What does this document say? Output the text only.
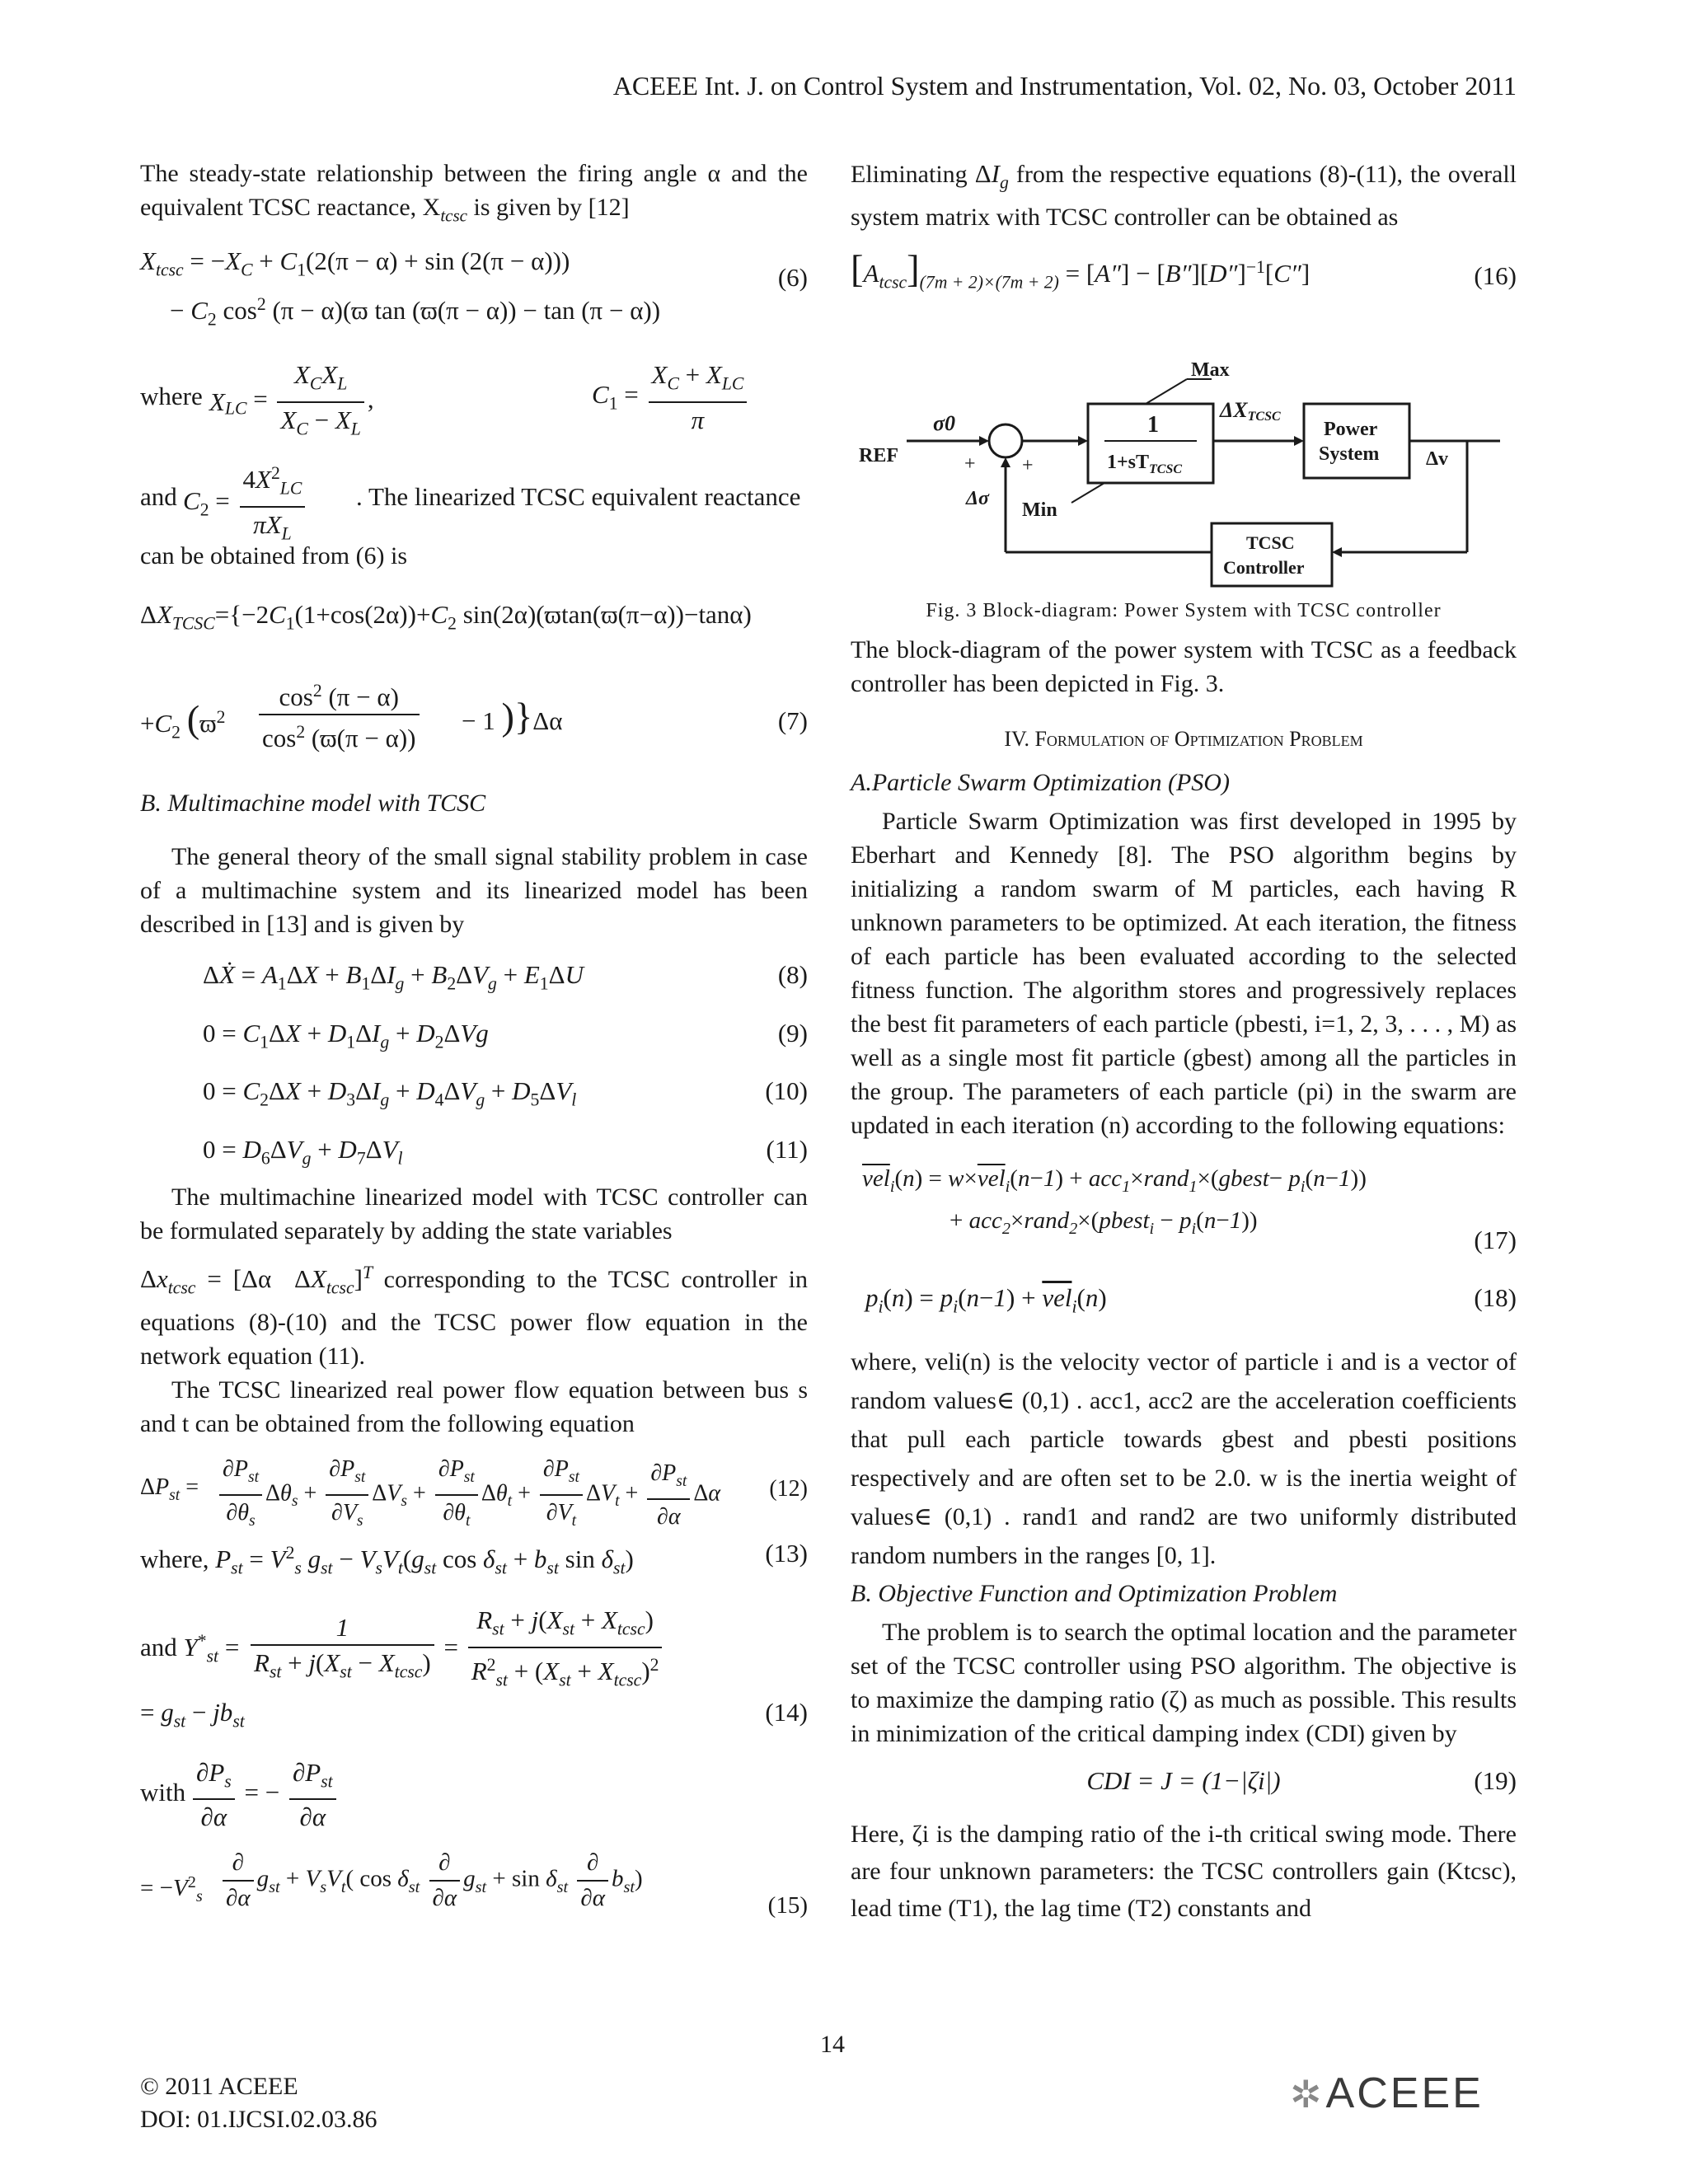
ACEEE Int. J. on Control System and Instrumentation, Vol. 02, No. 03, October 2011

The steady-state relationship between the firing angle α and the equivalent TCSC reactance, $X_{tcsc}$ is given by [12]

$X_{tcsc} = -X_C + C_1(2(\pi - \alpha) + \sin (2(\pi - \alpha)))$
− $C_2$ $\cos^2 (\pi - \alpha)(ϖ$ tan (ϖ(π − α)) − tan (π − α))
(6)
where $X_{LC} = \frac{X_CX_L}{X_C - X_L}$ ,	$C_1 = \frac{X_C + X_{LC}}{\pi}$
and $C_2 = \frac{4X^2_{LC}}{\pi X_L}$ . The linearized TCSC equivalent reactance

can be obtained from (6) is

$\Delta X_{TCSC}=\{-2C_1(1+\cos(2\alpha))+C_2$ sin(2α)(ϖtan(ϖ(π−α))−tanα)
$+C_2$ ($ϖ^2 \frac{\cos^2 (\pi - \alpha)}{\cos^2 (ϖ(\pi - \alpha))} - 1$ )}Δα	(7)

B. Multimachine model with TCSC

The general theory of the small signal stability problem in case of a multimachine system and its linearized model has been described in [13] and is given by

ΔẊ = $A_1\Delta X + B_1\Delta I_g + B_2\Delta V_g + E_1\Delta U$	(8)
$0 = C_1\Delta X + D_1\Delta I_g + D_2\Delta Vg$	(9)
$0 = C_2\Delta X + D_3\Delta I_g + D_4\Delta V_g + D_5\Delta V_l$	(10)
$0 = D_6\Delta V_g + D_7\Delta V_l$	(11)

The multimachine linearized model with TCSC controller can be formulated separately by adding the state variables

$\Delta x_{tcsc} = [\Delta\alpha$  $\Delta X_{tcsc}]^T$ corresponding to the TCSC controller in equations (8)-(10) and the TCSC power flow equation in the network equation (11).

The TCSC linearized real power flow equation between bus s and t can be obtained from the following equation

$\Delta P_{st} = \frac{\partial P_{st}}{\partial\theta_s} \Delta\theta_s + \frac{\partial P_{st}}{\partial V_s} \Delta V_s + \frac{\partial P_{st}}{\partial\theta_t} \Delta\theta_t + \frac{\partial P_{st}}{\partial V_t} \Delta V_t + \frac{\partial P_{st}}{\partial\alpha}$ Δα (12)
where, $P_{st} = V^2_s$ $g_{st} - V_sV_t(g_{st}$ $\cos \delta_{st} + b_{st}$ $\sin \delta_{st}$)	(13)
and $Y^*_{st} = \frac{1}{R_{st} + j(X_{st} - X_{tcsc})} = \frac{R_{st} + j(X_{st} + X_{tcsc})}{R^2_{st} + (X_{st} + X_{tcsc})^2}$
= $g_{st} - jb_{st}$	(14)
with $\frac{\partial P_s}{\partial\alpha}$ = − $\frac{\partial P_{st}}{\partial\alpha}$
= $-V^2_s \frac{\partial}{\partial\alpha} g_{st} + V_sV_t$( $\cos \delta_{st} \frac{\partial}{\partial\alpha} g_{st} + \sin \delta_{st} \frac{\partial}{\partial\alpha} b_{st}$)
(15)

Eliminating $\Delta I_g$ from the respective equations (8)-(11), the overall system matrix with TCSC controller can be obtained as

$[A_{tcsc}]_{(7m + 2)\times(7m + 2)} = [A''] - [B''][D'']^{-1}[C'']$	(16)
REF
σ0
+ +
Δσ
1
$1+sT_{TCSC}$
Max
Min
ΔXTCSC
Power
System Δv
TCSC
Controller
Fig. 3 Block-diagram: Power System with TCSC controller

The block-diagram of the power system with TCSC as a feedback controller has been depicted in Fig. 3.

IV. Formulation of Optimization Problem

A.Particle Swarm Optimization (PSO)

Particle Swarm Optimization was first developed in 1995 by Eberhart and Kennedy [8]. The PSO algorithm begins by initializing a random swarm of M particles, each having R unknown parameters to be optimized. At each iteration, the fitness of each particle has been evaluated according to the selected fitness function. The algorithm stores and progressively replaces the best fit parameters of each particle (pbesti, i=1, 2, 3, . . . , M) as well as a single most fit particle (gbest) among all the particles in the group. The parameters of each particle (pi) in the swarm are updated in each iteration (n) according to the following equations:

$\overline{vel}_i(n) = w\times\overline{vel}_i(n-1)$ + acc$_1$×rand$_1$×(gbest− $p_i(n-1)$)
+ acc$_2$×rand$_2$×(pbest$_i$ − $p_i(n-1)$)
(17)
$p_i(n) = p_i(n-1) + \overline{vel}_i(n)$	(18)

where, veli(n) is the velocity vector of particle i and is a vector of random values∈ (0,1) . acc1, acc2 are the acceleration coefficients that pull each particle towards gbest and pbesti positions respectively and are often set to be 2.0. w is the inertia weight of values∈ (0,1) . rand1 and rand2 are two uniformly distributed random numbers in the ranges [0, 1].

B. Objective Function and Optimization Problem

The problem is to search the optimal location and the parameter set of the TCSC controller using PSO algorithm. The objective is to maximize the damping ratio (ζ) as much as possible. This results in minimization of the critical damping index (CDI) given by

CDI = J = (1−|ζi|)	(19)

Here, ζi is the damping ratio of the i-th critical swing mode. There are four unknown parameters: the TCSC controllers gain (Ktcsc), lead time (T1), the lag time (T2) constants and

© 2011 ACEEE
DOI: 01.IJCSI.02.03.86
14
✲ACEEE
